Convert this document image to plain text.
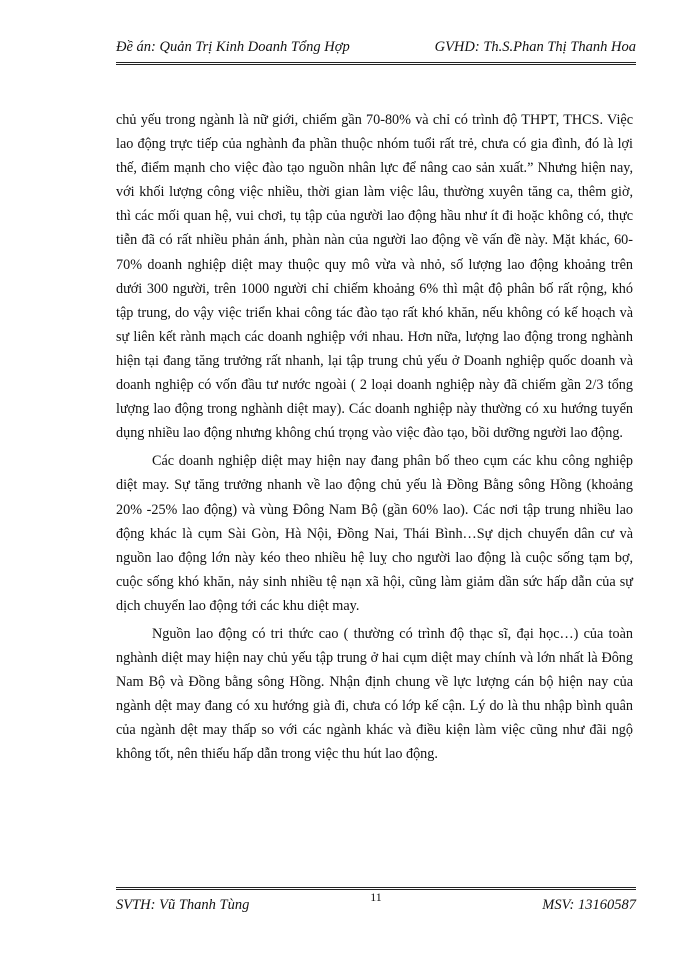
Đề án: Quản Trị Kinh Doanh Tổng Hợp	GVHD: Th.S.Phan Thị Thanh Hoa

chủ yếu trong ngành là nữ giới, chiếm gần 70-80% và chỉ có trình độ THPT, THCS. Việc lao động trực tiếp của nghành đa phần thuộc nhóm tuổi rất trẻ, chưa có gia đình, đó là lợi thế, điểm mạnh cho việc đào tạo nguồn nhân lực để nâng cao sản xuất.” Nhưng hiện nay, với khối lượng công việc nhiều, thời gian làm việc lâu, thường xuyên tăng ca, thêm giờ, thì các mối quan hệ, vui chơi, tụ tập của người lao động hầu như ít đi hoặc không có, thực tiễn đã có rất nhiều phản ánh, phàn nàn của người lao động về vấn đề này. Mặt khác, 60-70% doanh nghiệp diệt may thuộc quy mô vừa và nhỏ, số lượng lao động khoảng trên dưới 300 người, trên 1000 người chỉ chiếm khoảng 6% thì mật độ phân bố rất rộng, khó tập trung, do vậy việc triển khai công tác đào tạo rất khó khăn, nếu không có kế hoạch và sự liên kết rành mạch các doanh nghiệp với nhau. Hơn nữa, lượng lao động trong nghành hiện tại đang tăng trưởng rất nhanh, lại tập trung chủ yếu ở Doanh nghiệp quốc doanh và doanh nghiệp có vốn đầu tư nước ngoài ( 2 loại doanh nghiệp này đã chiếm gần 2/3 tổng lượng lao động trong nghành diệt may). Các doanh nghiệp này thường có xu hướng tuyển dụng nhiều lao động nhưng không chú trọng vào việc đào tạo, bồi dưỡng người lao động.

Các doanh nghiệp diệt may hiện nay đang phân bố theo cụm các khu công nghiệp diệt may. Sự tăng trưởng nhanh về lao động chủ yếu là Đồng Bằng sông Hồng (khoảng 20% -25% lao động) và vùng Đông Nam Bộ (gần 60% lao). Các nơi tập trung nhiều lao động khác là cụm Sài Gòn, Hà Nội, Đồng Nai, Thái Bình…Sự dịch chuyển dân cư và nguồn lao động lớn này kéo theo nhiều hệ luỵ cho người lao động là cuộc sống tạm bợ, cuộc sống khó khăn, nảy sinh nhiều tệ nạn xã hội, cũng làm giảm dần sức hấp dẫn của sự dịch chuyển lao động tới các khu diệt may.

Nguồn lao động có tri thức cao ( thường có trình độ thạc sĩ, đại học…) của toàn nghành diệt may hiện nay chủ yếu tập trung ở hai cụm diệt may chính và lớn nhất là Đông Nam Bộ và Đồng bằng sông Hồng. Nhận định chung về lực lượng cán bộ hiện nay của ngành dệt may đang có xu hướng già đi, chưa có lớp kế cận. Lý do là thu nhập bình quân của ngành dệt may thấp so với các ngành khác và điều kiện làm việc cũng như đãi ngộ không tốt, nên thiếu hấp dẫn trong việc thu hút lao động.

SVTH: Vũ Thanh Tùng	11	MSV: 13160587
